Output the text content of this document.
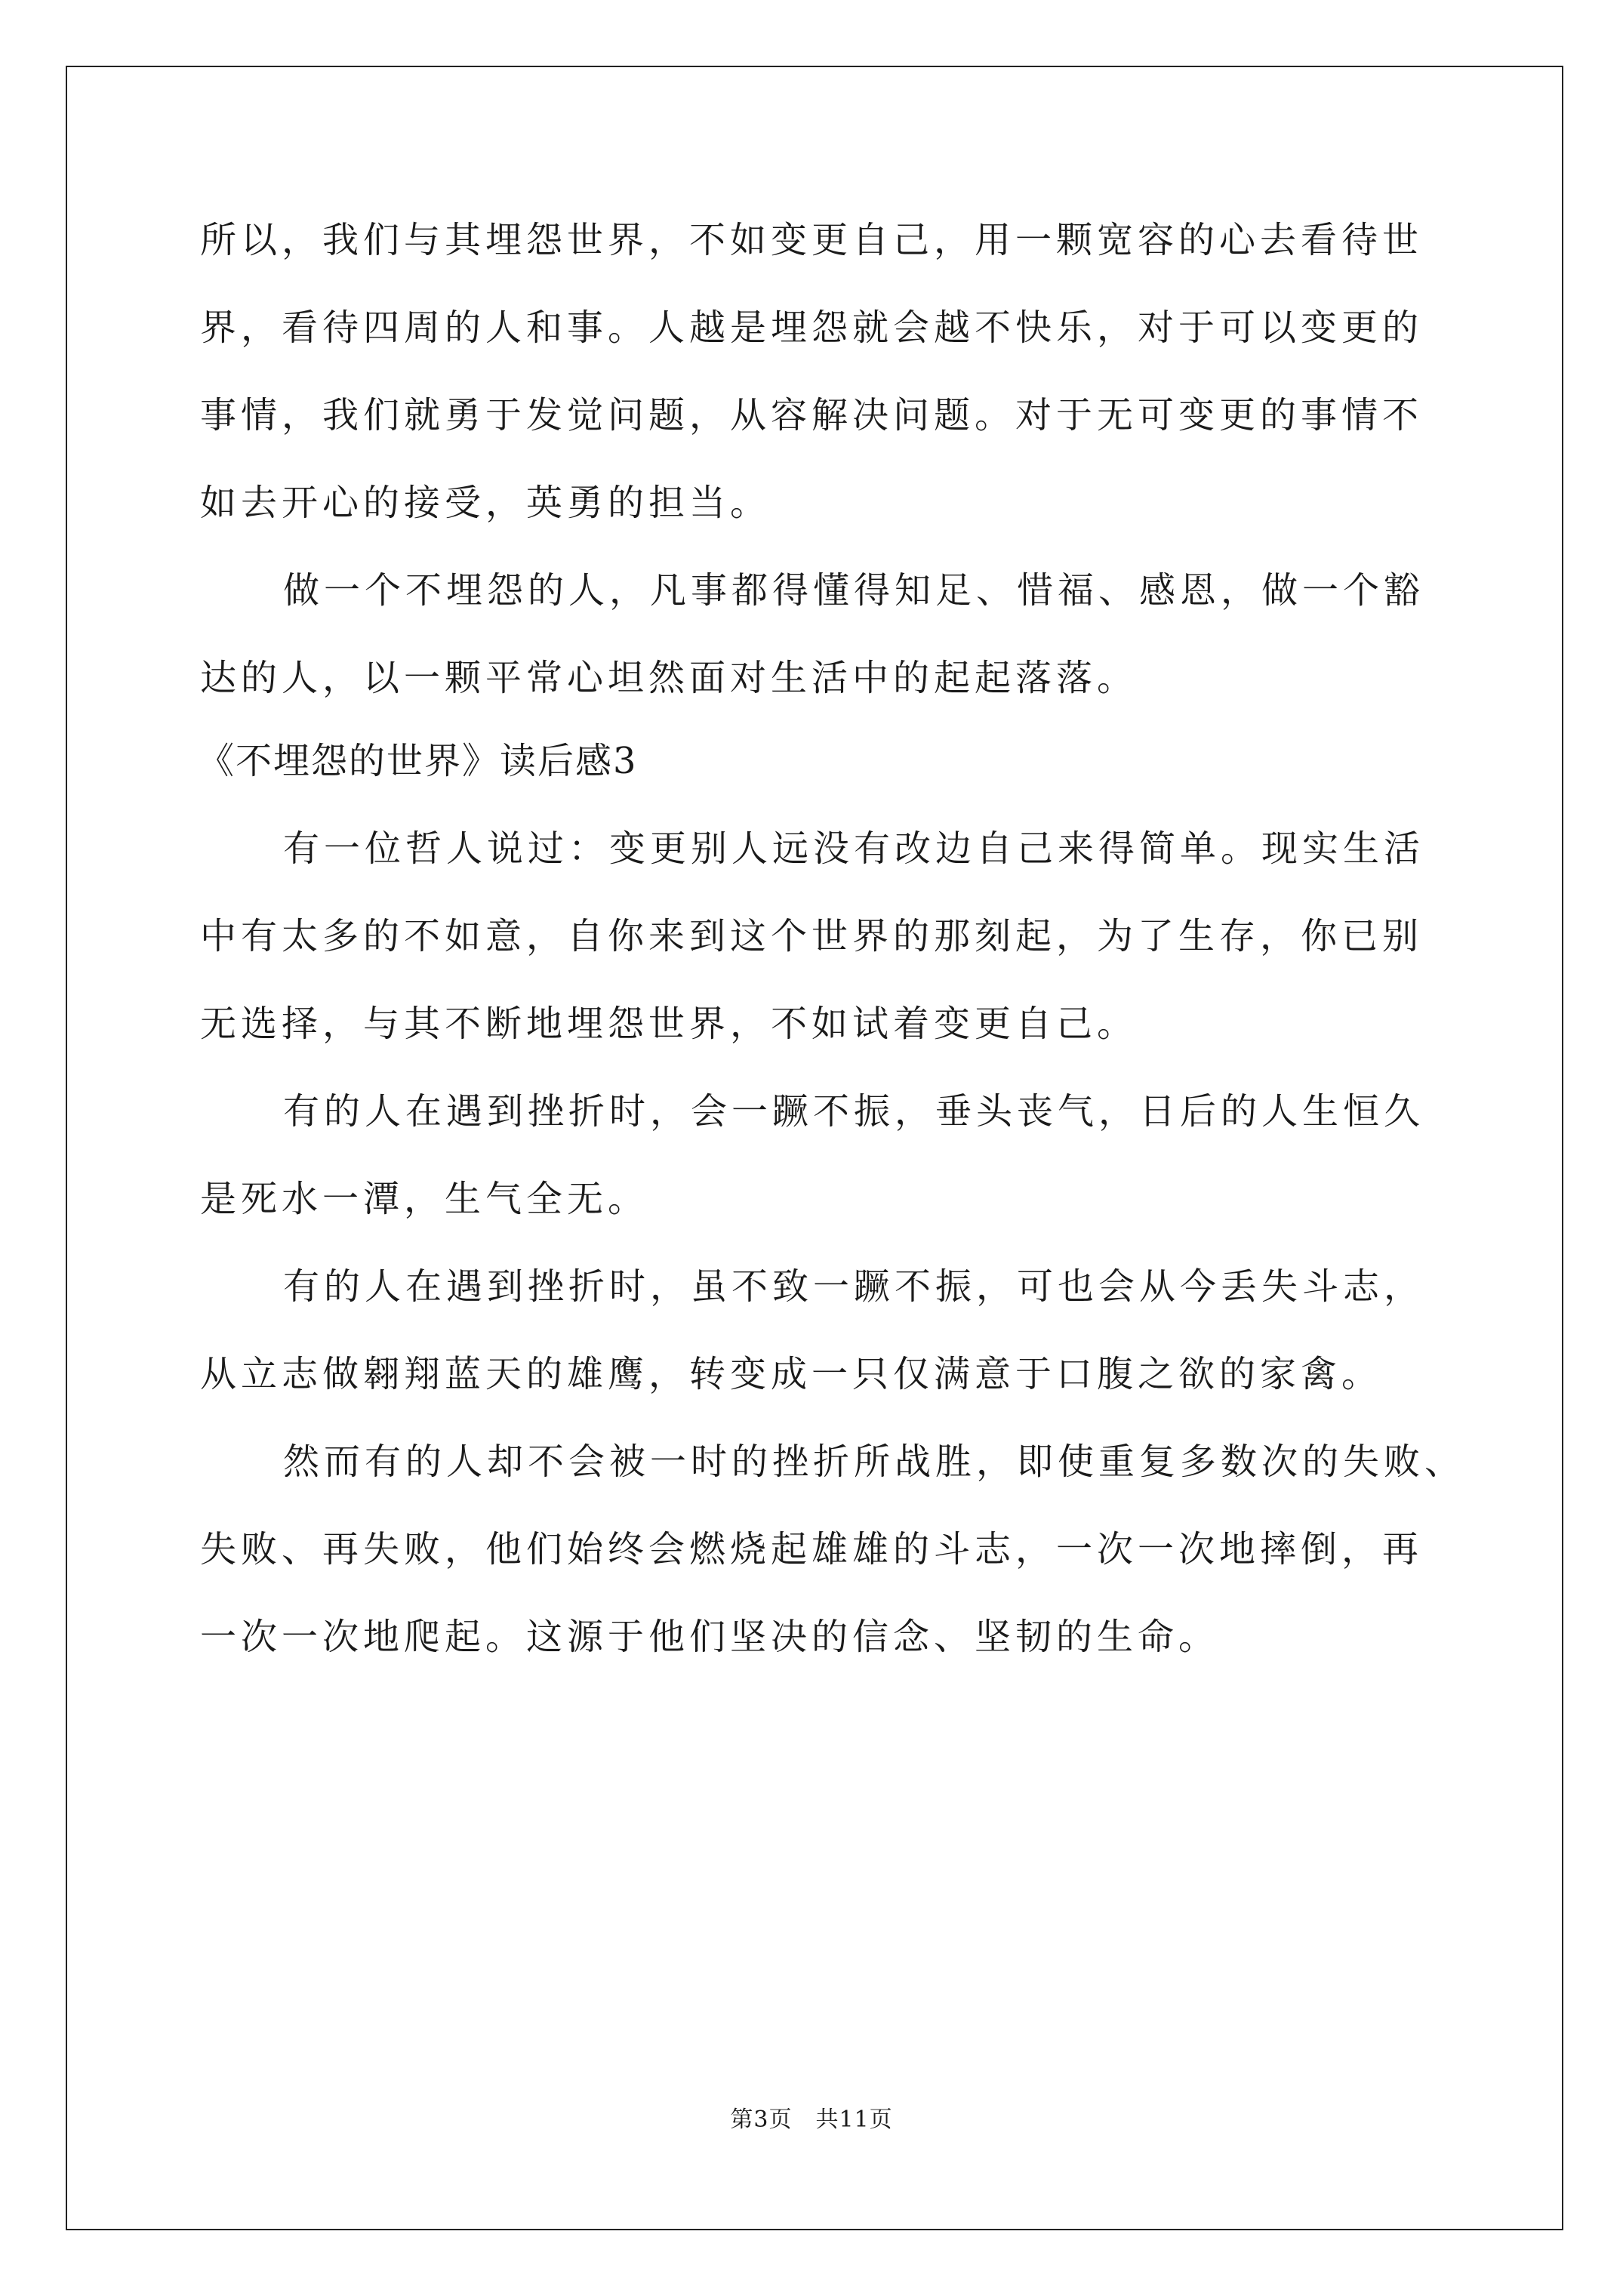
所以，我们与其埋怨世界，不如变更自己，用一颗宽容的心去看待世
界，看待四周的人和事。人越是埋怨就会越不快乐，对于可以变更的
事情，我们就勇于发觉问题，从容解决问题。对于无可变更的事情不
如去开心的接受，英勇的担当。
做一个不埋怨的人，凡事都得懂得知足、惜福、感恩，做一个豁
达的人，以一颗平常心坦然面对生活中的起起落落。
《不埋怨的世界》读后感3
有一位哲人说过：变更别人远没有改边自己来得简单。现实生活
中有太多的不如意，自你来到这个世界的那刻起，为了生存，你已别
无选择，与其不断地埋怨世界，不如试着变更自己。
有的人在遇到挫折时，会一蹶不振，垂头丧气，日后的人生恒久
是死水一潭，生气全无。
有的人在遇到挫折时，虽不致一蹶不振，可也会从今丢失斗志，
从立志做翱翔蓝天的雄鹰，转变成一只仅满意于口腹之欲的家禽。
然而有的人却不会被一时的挫折所战胜，即使重复多数次的失败、
失败、再失败，他们始终会燃烧起雄雄的斗志，一次一次地摔倒，再
一次一次地爬起。这源于他们坚决的信念、坚韧的生命。
第3页　共11页
